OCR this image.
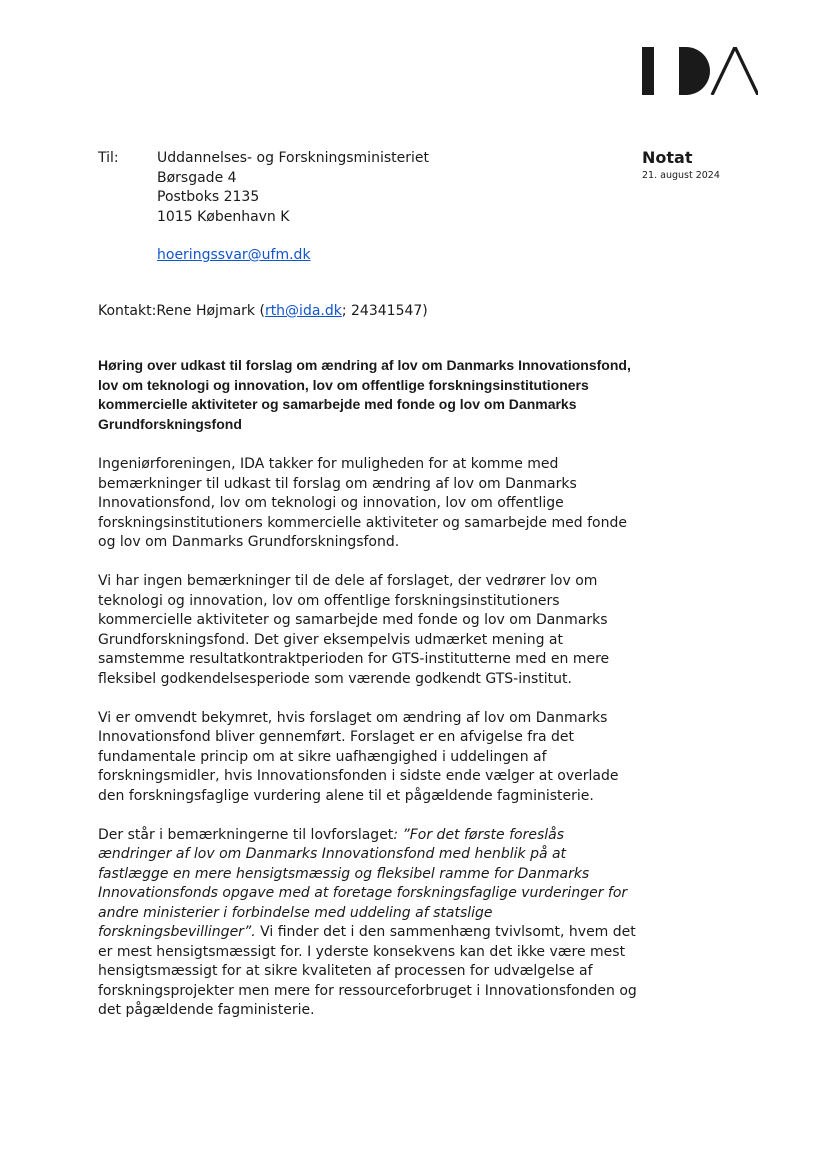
Notat
21. august 2024
Til:	Uddannelses- og Forskningsministeriet
Børsgade 4
Postboks 2135
1015 København K
hoeringssvar@ufm.dk
Kontakt:Rene Højmark (rth@ida.dk; 24341547)
Høring over udkast til forslag om ændring af lov om Danmarks Innovationsfond, lov om teknologi og innovation, lov om offentlige forskningsinstitutioners kommercielle aktiviteter og samarbejde med fonde og lov om Danmarks Grundforskningsfond

Ingeniørforeningen, IDA takker for muligheden for at komme med bemærkninger til udkast til forslag om ændring af lov om Danmarks Innovationsfond, lov om teknologi og innovation, lov om offentlige forskningsinstitutioners kommercielle aktiviteter og samarbejde med fonde og lov om Danmarks Grundforskningsfond.

Vi har ingen bemærkninger til de dele af forslaget, der vedrører lov om teknologi og innovation, lov om offentlige forskningsinstitutioners kommercielle aktiviteter og samarbejde med fonde og lov om Danmarks Grundforskningsfond. Det giver eksempelvis udmærket mening at samstemme resultatkontraktperioden for GTS-institutterne med en mere fleksibel godkendelsesperiode som værende godkendt GTS-institut.

Vi er omvendt bekymret, hvis forslaget om ændring af lov om Danmarks Innovationsfond bliver gennemført. Forslaget er en afvigelse fra det fundamentale princip om at sikre uafhængighed i uddelingen af forskningsmidler, hvis Innovationsfonden i sidste ende vælger at overlade den forskningsfaglige vurdering alene til et pågældende fagministerie.

Der står i bemærkningerne til lovforslaget: ”For det første foreslås ændringer af lov om Danmarks Innovationsfond med henblik på at fastlægge en mere hensigtsmæssig og fleksibel ramme for Danmarks Innovationsfonds opgave med at foretage forskningsfaglige vurderinger for andre ministerier i forbindelse med uddeling af statslige forskningsbevillinger”. Vi finder det i den sammenhæng tvivlsomt, hvem det er mest hensigtsmæssigt for. I yderste konsekvens kan det ikke være mest hensigtsmæssigt for at sikre kvaliteten af processen for udvælgelse af forskningsprojekter men mere for ressourceforbruget i Innovationsfonden og det pågældende fagministerie.
